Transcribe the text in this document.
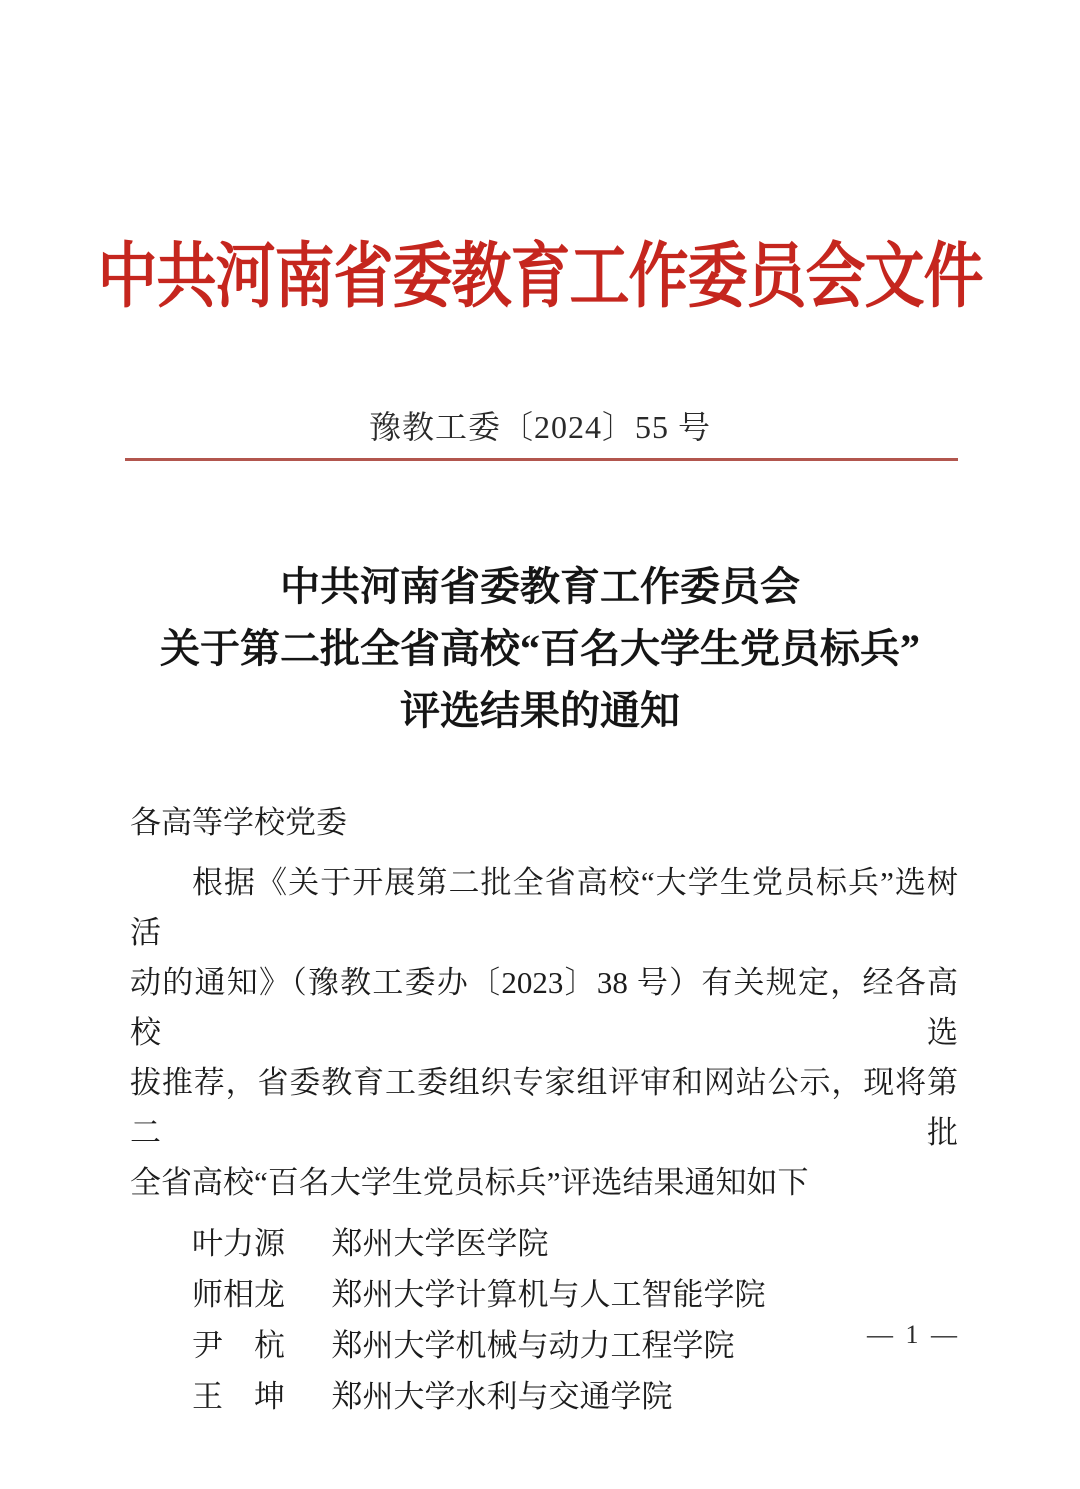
中共河南省委教育工作委员会文件
豫教工委〔2024〕55 号
中共河南省委教育工作委员会
关于第二批全省高校“百名大学生党员标兵”
评选结果的通知
各高等学校党委
根据《关于开展第二批全省高校“大学生党员标兵”选树活
动的通知》（豫教工委办〔2023〕38 号）有关规定，经各高校选
拔推荐，省委教育工委组织专家组评审和网站公示，现将第二批
全省高校“百名大学生党员标兵”评选结果通知如下
叶力源 郑州大学医学院
师相龙 郑州大学计算机与人工智能学院
尹　杭 郑州大学机械与动力工程学院
王　坤 郑州大学水利与交通学院
— 1 —
